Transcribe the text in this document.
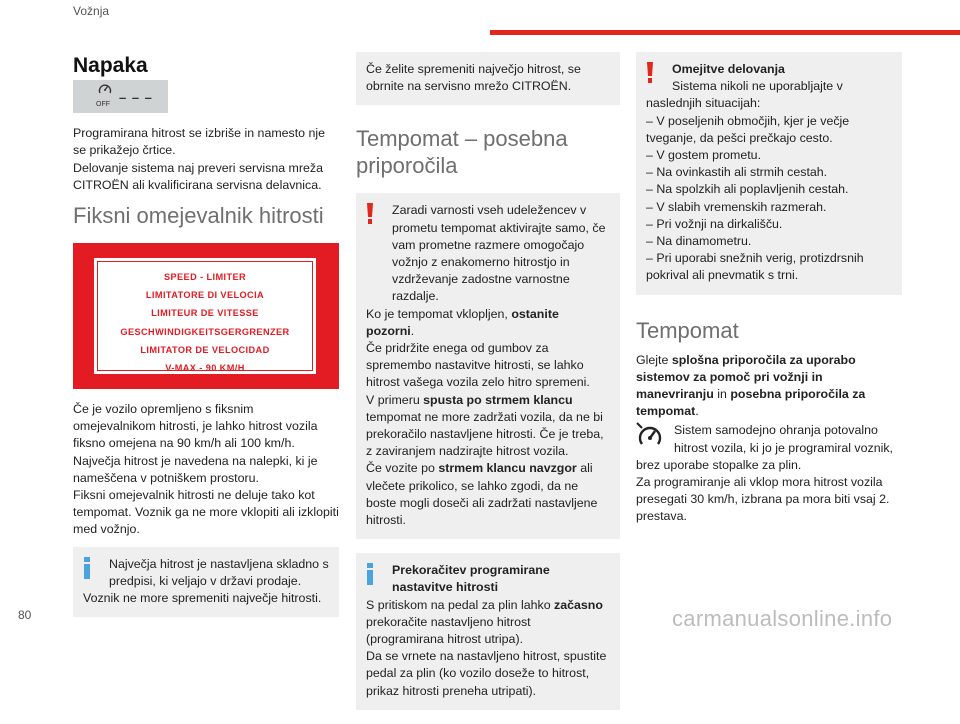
Vožnja
Napaka
OFF – – –

Programirana hitrost se izbriše in namesto nje se prikažejo črtice.

Delovanje sistema naj preveri servisna mreža CITROËN ali kvalificirana servisna delavnica.

Fiksni omejevalnik hitrosti
SPEED - LIMITER
LIMITATORE DI VELOCIA
LIMITEUR DE VITESSE
GESCHWINDIGKEITSGERGRENZER
LIMITATOR DE VELOCIDAD
V-MAX - 90 KM/H

Če je vozilo opremljeno s fiksnim omejevalnikom hitrosti, je lahko hitrost vozila fiksno omejena na 90 km/h ali 100 km/h.

Največja hitrost je navedena na nalepki, ki je nameščena v potniškem prostoru.

Fiksni omejevalnik hitrosti ne deluje tako kot tempomat. Voznik ga ne more vklopiti ali izklopiti med vožnjo.

Največja hitrost je nastavljena skladno s predpisi, ki veljajo v državi prodaje.
Voznik ne more spremeniti največje hitrosti.
Če želite spremeniti največjo hitrost, se obrnite na servisno mrežo CITROËN.
Tempomat – posebna priporočila
Zaradi varnosti vseh udeležencev v prometu tempomat aktivirajte samo, če vam prometne razmere omogočajo vožnjo z enakomerno hitrostjo in vzdrževanje zadostne varnostne razdalje.
Ko je tempomat vklopljen, ostanite pozorni.
Če pridržite enega od gumbov za spremembo nastavitve hitrosti, se lahko hitrost vašega vozila zelo hitro spremeni.
V primeru spusta po strmem klancu tempomat ne more zadržati vozila, da ne bi prekoračilo nastavljene hitrosti. Če je treba, z zaviranjem nadzirajte hitrost vozila.
Če vozite po strmem klancu navzgor ali vlečete prikolico, se lahko zgodi, da ne boste mogli doseči ali zadržati nastavljene hitrosti.
Prekoračitev programirane nastavitve hitrosti
S pritiskom na pedal za plin lahko začasno prekoračite nastavljeno hitrost (programirana hitrost utripa).
Da se vrnete na nastavljeno hitrost, spustite pedal za plin (ko vozilo doseže to hitrost, prikaz hitrosti preneha utripati).
Omejitve delovanja
Sistema nikoli ne uporabljajte v naslednjih situacijah:
– V poseljenih območjih, kjer je večje tveganje, da pešci prečkajo cesto.
– V gostem prometu.
– Na ovinkastih ali strmih cestah.
– Na spolzkih ali poplavljenih cestah.
– V slabih vremenskih razmerah.
– Pri vožnji na dirkališču.
– Na dinamometru.
– Pri uporabi snežnih verig, protizdrsnih pokrival ali pnevmatik s trni.
Tempomat

Glejte splošna priporočila za uporabo sistemov za pomoč pri vožnji in manevriranju in posebna priporočila za tempomat.

Sistem samodejno ohranja potovalno hitrost vozila, ki jo je programiral voznik, brez uporabe stopalke za plin.

Za programiranje ali vklop mora hitrost vozila presegati 30 km/h, izbrana pa mora biti vsaj 2. prestava.

80	carmanualsonline.info
